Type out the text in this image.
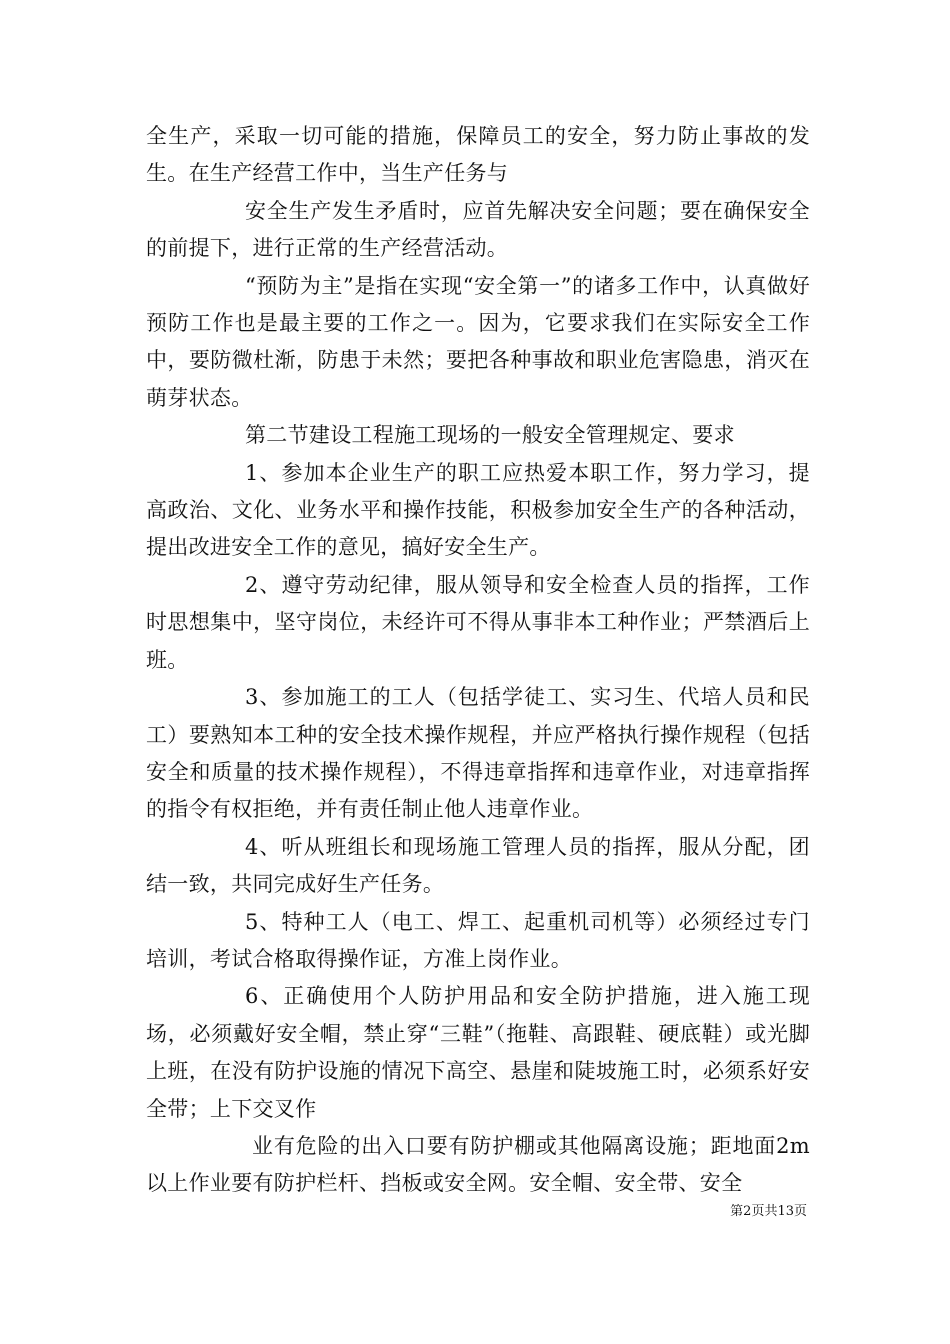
全生产，采取一切可能的措施，保障员工的安全，努力防止事故的发生。在生产经营工作中，当生产任务与

安全生产发生矛盾时，应首先解决安全问题；要在确保安全的前提下，进行正常的生产经营活动。

“预防为主”是指在实现“安全第一”的诸多工作中，认真做好预防工作也是最主要的工作之一。因为，它要求我们在实际安全工作中，要防微杜渐，防患于未然；要把各种事故和职业危害隐患，消灭在萌芽状态。

第二节建设工程施工现场的一般安全管理规定、要求

1、参加本企业生产的职工应热爱本职工作，努力学习，提高政治、文化、业务水平和操作技能，积极参加安全生产的各种活动，提出改进安全工作的意见，搞好安全生产。

2、遵守劳动纪律，服从领导和安全检查人员的指挥，工作时思想集中，坚守岗位，未经许可不得从事非本工种作业；严禁酒后上班。

3、参加施工的工人（包括学徒工、实习生、代培人员和民工）要熟知本工种的安全技术操作规程，并应严格执行操作规程（包括安全和质量的技术操作规程），不得违章指挥和违章作业，对违章指挥的指令有权拒绝，并有责任制止他人违章作业。

4、听从班组长和现场施工管理人员的指挥，服从分配，团结一致，共同完成好生产任务。

5、特种工人（电工、焊工、起重机司机等）必须经过专门培训，考试合格取得操作证，方准上岗作业。

6、正确使用个人防护用品和安全防护措施，进入施工现场，必须戴好安全帽，禁止穿“三鞋”（拖鞋、高跟鞋、硬底鞋）或光脚上班，在没有防护设施的情况下高空、悬崖和陡坡施工时，必须系好安全带；上下交叉作

业有危险的出入口要有防护棚或其他隔离设施；距地面2m以上作业要有防护栏杆、挡板或安全网。安全帽、安全带、安全

第2页共13页
